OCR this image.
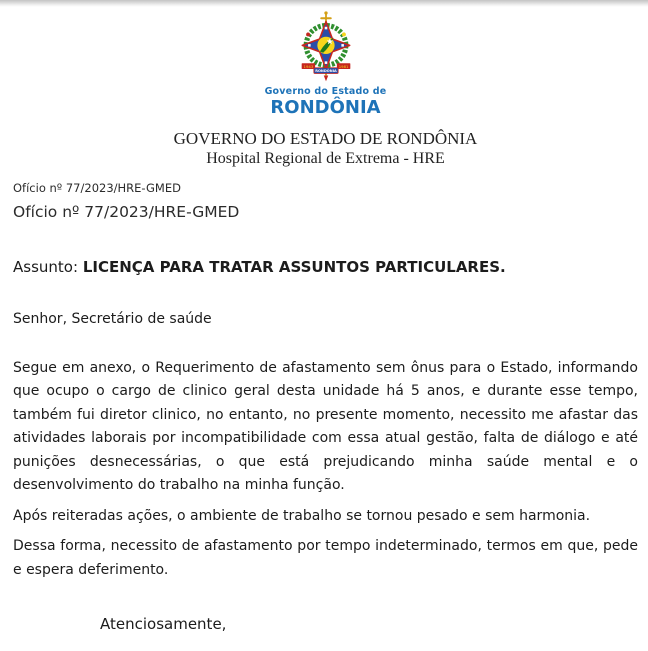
1943	1981
RONDÔNIA
Governo do Estado de
RONDÔNIA
GOVERNO DO ESTADO DE RONDÔNIA
Hospital Regional de Extrema - HRE
Ofício nº 77/2023/HRE-GMED
Ofício nº 77/2023/HRE-GMED
Assunto: LICENÇA PARA TRATAR ASSUNTOS PARTICULARES.
Senhor, Secretário de saúde

Segue em anexo, o Requerimento de afastamento sem ônus para o Estado, informando que ocupo o cargo de clinico geral desta unidade há 5 anos, e durante esse tempo, também fui diretor clinico, no entanto, no presente momento, necessito me afastar das atividades laborais por incompatibilidade com essa atual gestão, falta de diálogo e até punições desnecessárias, o que está prejudicando minha saúde mental e o desenvolvimento do trabalho na minha função.

Após reiteradas ações, o ambiente de trabalho se tornou pesado e sem harmonia.

Dessa forma, necessito de afastamento por tempo indeterminado, termos em que, pede e espera deferimento.

Atenciosamente,
